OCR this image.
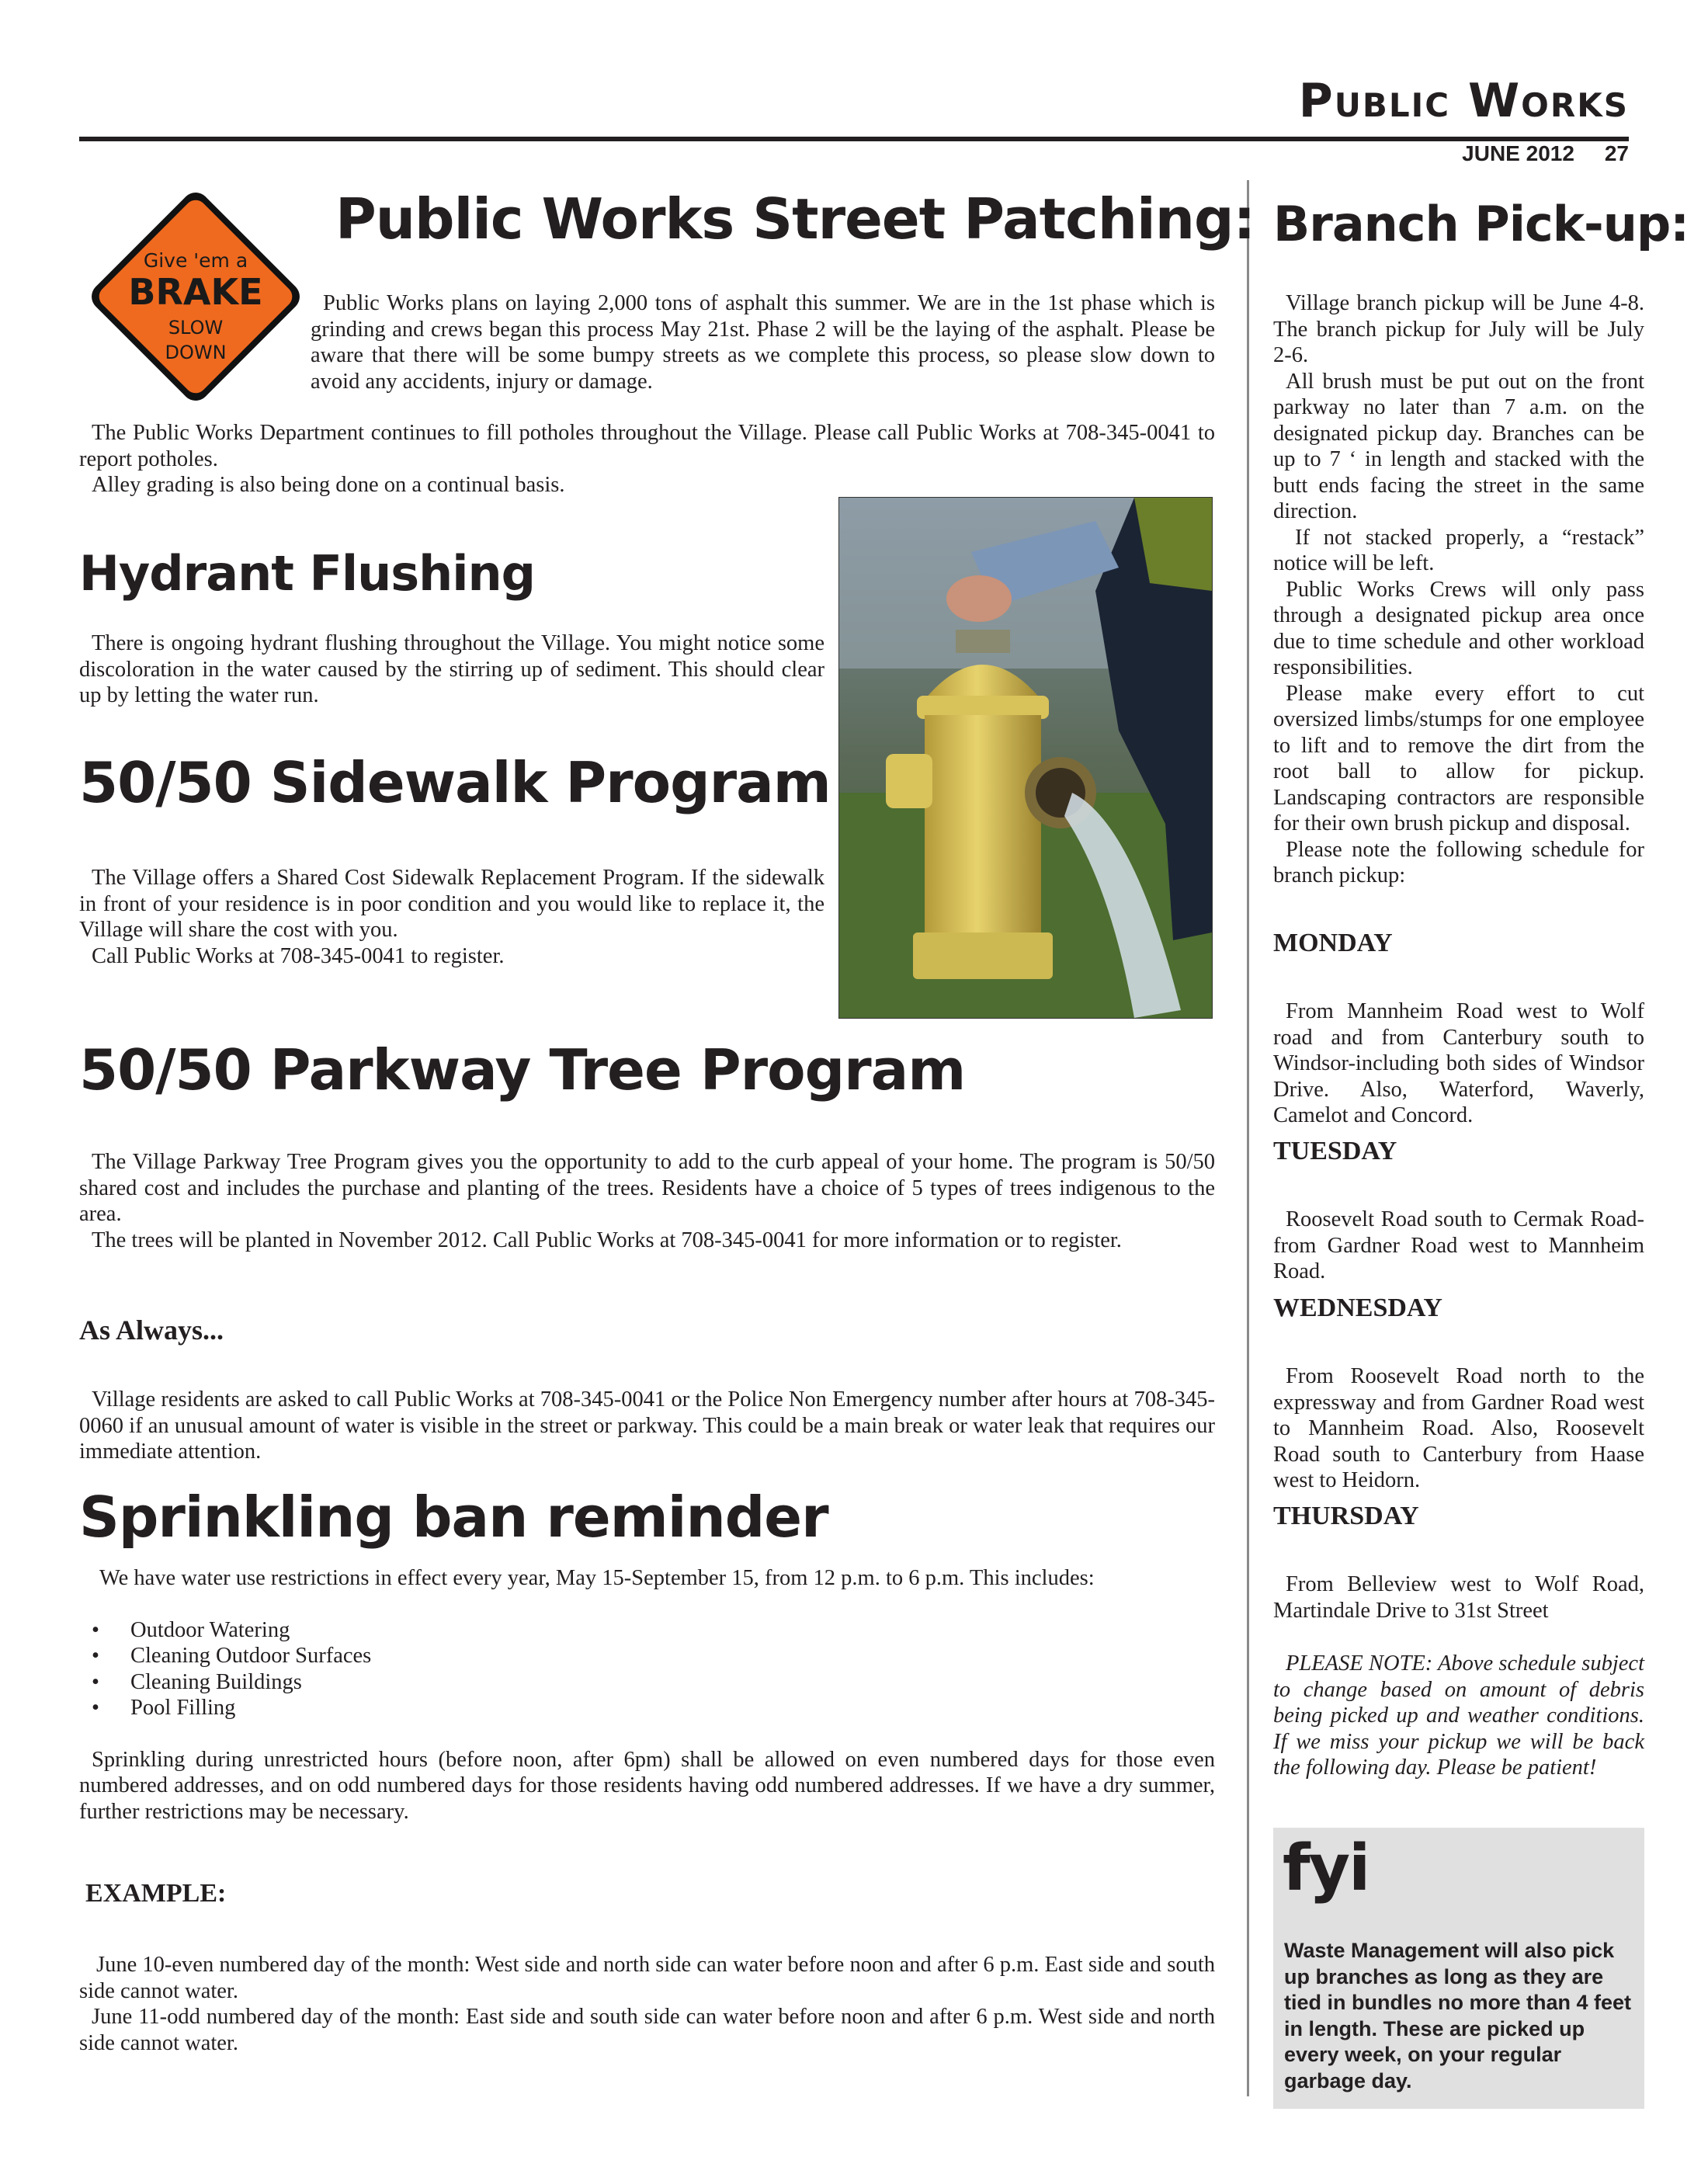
Public Works
JUNE 2012 27
Give 'em a
BRAKE
SLOW
DOWN
Public Works Street Patching:

Public Works plans on laying 2,000 tons of asphalt this summer. We are in the 1st phase which is grinding and crews began this process May 21st. Phase 2 will be the laying of the asphalt. Please be aware that there will be some bumpy streets as we complete this process, so please slow down to avoid any accidents, injury or damage.

The Public Works Department continues to fill potholes throughout the Village. Please call Public Works at 708-345-0041 to report potholes.

Alley grading is also being done on a continual basis.

Hydrant Flushing

There is ongoing hydrant flushing throughout the Village. You might notice some discoloration in the water caused by the stirring up of sediment. This should clear up by letting the water run.

50/50 Sidewalk Program

The Village offers a Shared Cost Sidewalk Replacement Program. If the sidewalk in front of your residence is in poor condition and you would like to replace it, the Village will share the cost with you.

Call Public Works at 708-345-0041 to register.

50/50 Parkway Tree Program

The Village Parkway Tree Program gives you the opportunity to add to the curb appeal of your home. The program is 50/50 shared cost and includes the purchase and planting of the trees. Residents have a choice of 5 types of trees indigenous to the area.

The trees will be planted in November 2012. Call Public Works at 708-345-0041 for more information or to register.

As Always...

Village residents are asked to call Public Works at 708-345-0041 or the Police Non Emergency number after hours at 708-345-0060 if an unusual amount of water is visible in the street or parkway. This could be a main break or water leak that requires our immediate attention.

Sprinkling ban reminder

We have water use restrictions in effect every year, May 15-September 15, from 12 p.m. to 6 p.m. This includes:

• Outdoor Watering
• Cleaning Outdoor Surfaces
• Cleaning Buildings
• Pool Filling

Sprinkling during unrestricted hours (before noon, after 6pm) shall be allowed on even numbered days for those even numbered addresses, and on odd numbered days for those residents having odd numbered addresses. If we have a dry summer, further restrictions may be necessary.

EXAMPLE:

June 10-even numbered day of the month: West side and north side can water before noon and after 6 p.m. East side and south side cannot water.

June 11-odd numbered day of the month: East side and south side can water before noon and after 6 p.m. West side and north side cannot water.

Branch Pick-up:

Village branch pickup will be June 4-8. The branch pickup for July will be July 2-6.

All brush must be put out on the front parkway no later than 7 a.m. on the designated pickup day. Branches can be up to 7 ‘ in length and stacked with the butt ends facing the street in the same direction.

If not stacked properly, a “restack” notice will be left.

Public Works Crews will only pass through a designated pickup area once due to time schedule and other workload responsibilities.

Please make every effort to cut oversized limbs/stumps for one employee to lift and to remove the dirt from the root ball to allow for pickup. Landscaping contractors are responsible for their own brush pickup and disposal.

Please note the following schedule for branch pickup:

MONDAY

From Mannheim Road west to Wolf road and from Canterbury south to Windsor-including both sides of Windsor Drive. Also, Waterford, Waverly, Camelot and Concord.

TUESDAY

Roosevelt Road south to Cermak Road-from Gardner Road west to Mannheim Road.

WEDNESDAY

From Roosevelt Road north to the expressway and from Gardner Road west to Mannheim Road. Also, Roosevelt Road south to Canterbury from Haase west to Heidorn.

THURSDAY

From Belleview west to Wolf Road, Martindale Drive to 31st Street

PLEASE NOTE: Above schedule subject to change based on amount of debris being picked up and weather conditions. If we miss your pickup we will be back the following day. Please be patient!

fyi
Waste Management will also pick up branches as long as they are tied in bundles no more than 4 feet in length. These are picked up every week, on your regular garbage day.
